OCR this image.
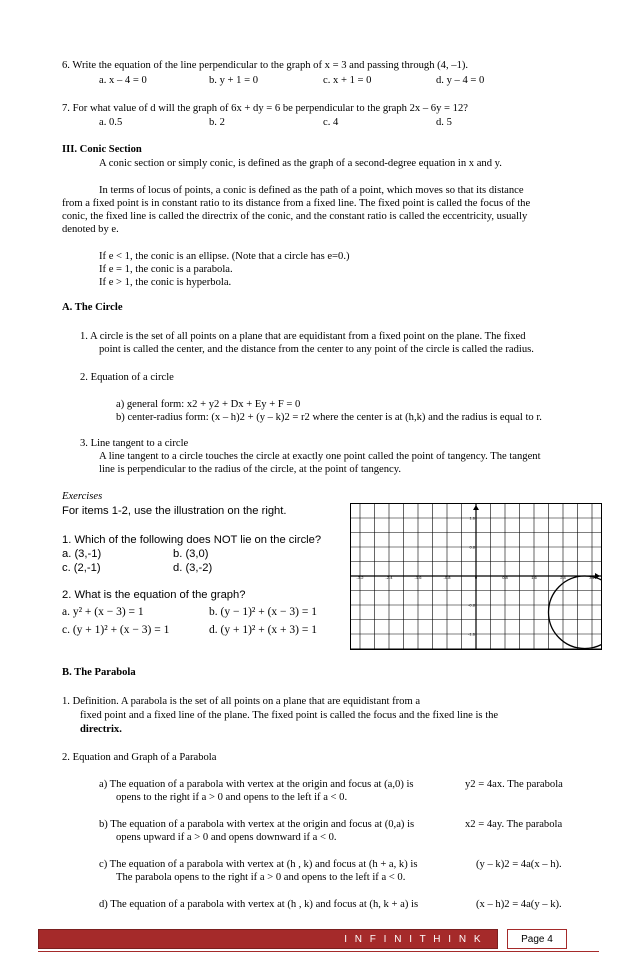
6. Write the equation of the line perpendicular to the graph of x = 3 and passing through (4, –1).
a. x – 4 = 0	b. y + 1 = 0	c. x + 1 = 0	d. y – 4 = 0
7. For what value of d will the graph of 6x + dy = 6 be perpendicular to the graph 2x – 6y = 12?
a. 0.5	b. 2	c. 4	d. 5
III. Conic Section
A conic section or simply conic, is defined as the graph of a second-degree equation in x and y.
In terms of locus of points, a conic is defined as the path of a point, which moves so that its distance
from a fixed point is in constant ratio to its distance from a fixed line. The fixed point is called the focus of the
conic, the fixed line is called the directrix of the conic, and the constant ratio is called the eccentricity, usually
denoted by e.
If e < 1, the conic is an ellipse. (Note that a circle has e=0.)
If e = 1, the conic is a parabola.
If e > 1, the conic is hyperbola.
A. The Circle
1. A circle is the set of all points on a plane that are equidistant from a fixed point on the plane. The fixed
point is called the center, and the distance from the center to any point of the circle is called the radius.
2. Equation of a circle
a) general form: x2 + y2 + Dx + Ey + F = 0
b) center-radius form: (x – h)2 + (y – k)2 = r2 where the center is at (h,k) and the radius is equal to r.
3. Line tangent to a circle
A line tangent to a circle touches the circle at exactly one point called the point of tangency. The tangent
line is perpendicular to the radius of the circle, at the point of tangency.
Exercises
For items 1-2, use the illustration on the right.
1. Which of the following does NOT lie on the circle?
a. (3,-1)	b. (3,0)
c. (2,-1)	d. (3,-2)
2. What is the equation of the graph?
a. y² + (x − 3) = 1	b. (y − 1)² + (x − 3) = 1
c. (y + 1)² + (x − 3) = 1	d. (y + 1)² + (x + 3) = 1
-3.2	-2.4	-1.6	-0.8	0	0.8	1.6	2.4	3.2
1.6
0.8
-0.8
-1.6
B. The Parabola
1. Definition. A parabola is the set of all points on a plane that are equidistant from a
fixed point and a fixed line of the plane. The fixed point is called the focus and the fixed line is the
directrix.
2. Equation and Graph of a Parabola
a) The equation of a parabola with vertex at the origin and focus at (a,0) is	y2 = 4ax. The parabola
opens to the right if a > 0 and opens to the left if a < 0.
b) The equation of a parabola with vertex at the origin and focus at (0,a) is	x2 = 4ay. The parabola
opens upward if a > 0 and opens downward if a < 0.
c) The equation of a parabola with vertex at (h , k) and focus at (h + a, k) is	(y – k)2 = 4a(x – h).
The parabola opens to the right if a > 0 and opens to the left if a < 0.
d) The equation of a parabola with vertex at (h , k) and focus at (h, k + a) is	(x – h)2 = 4a(y – k).
I N F I N I T H I N K	Page 4
